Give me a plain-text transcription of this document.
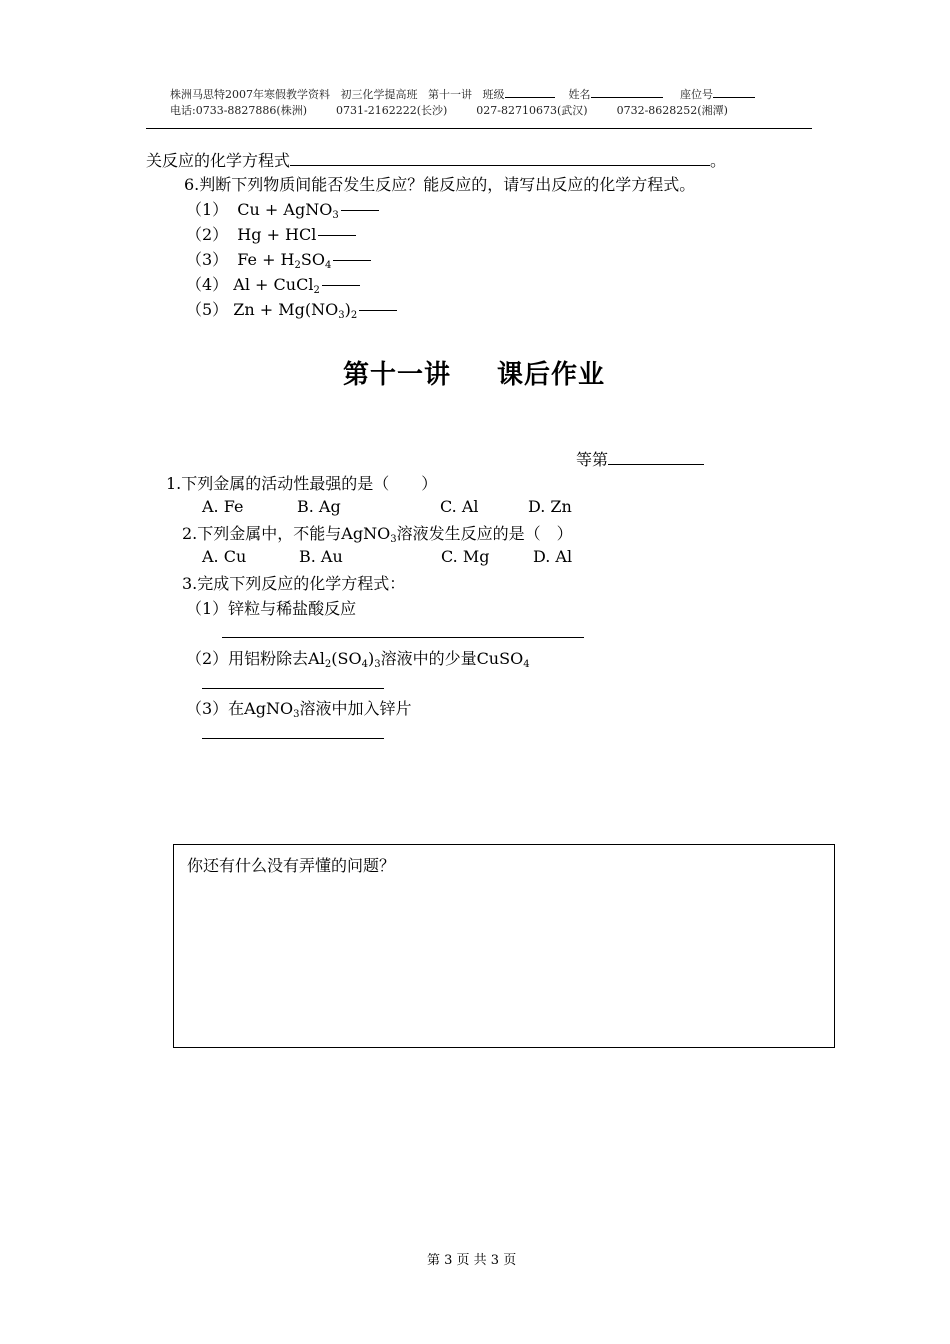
株洲马思特2007年寒假教学资料 初三化学提高班 第十一讲 班级	姓名	座位号
电话:0733-8827886(株洲)	0731-2162222(长沙)	027-82710673(武汉)	0732-8628252(湘潭)
关反应的化学方程式	。
6.判断下列物质间能否发生反应？能反应的，请写出反应的化学方程式。
（1） Cu + AgNO$_3$
（2） Hg + HCl
（3） $Fe + H_2SO_4$
（4） Al + CuCl$_2$
（5） $Zn + Mg(NO_3)_2$
第十一讲 课后作业
等第
1.下列金属的活动性最强的是（　　）
A. Fe	B. Ag	C. Al	D. Zn
2.下列金属中，不能与AgNO$_3$溶液发生反应的是（　）
A. Cu	B. Au	C. Mg	D. Al
3.完成下列反应的化学方程式：
（1）锌粒与稀盐酸反应
（2）用铝粉除去$Al_2(SO_4)_3$溶液中的少量CuSO$_4$
（3）在AgNO$_3$溶液中加入锌片
你还有什么没有弄懂的问题？
第 3 页 共 3 页
